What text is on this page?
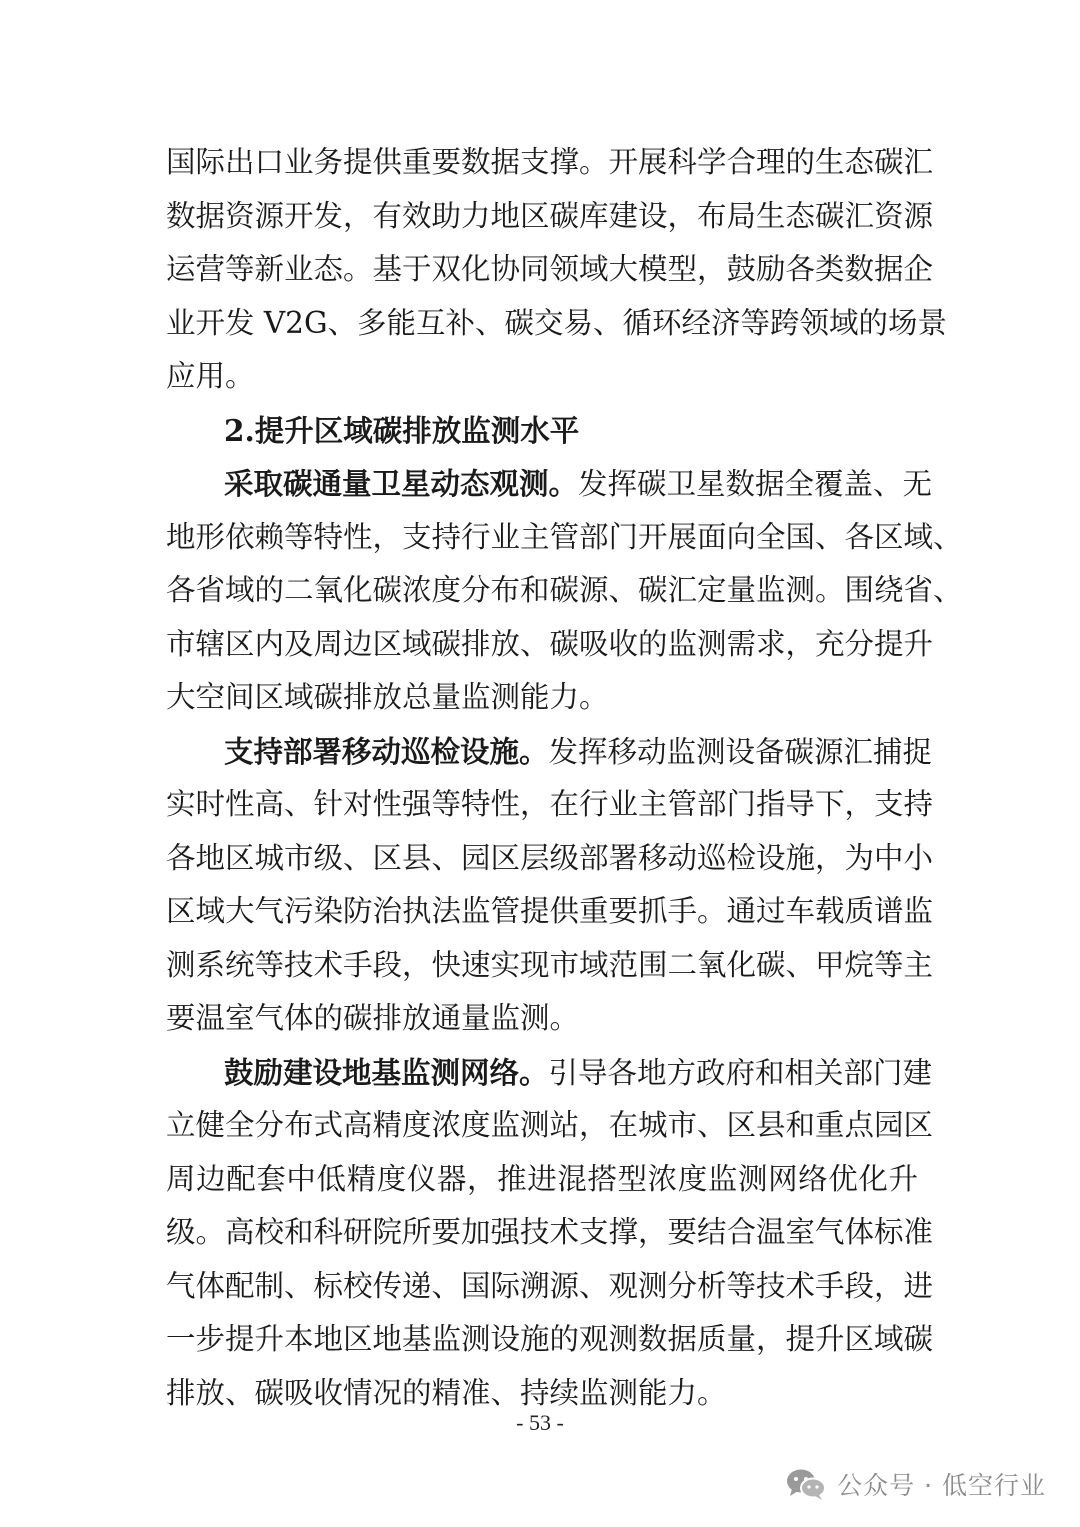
国际出口业务提供重要数据支撑。开展科学合理的生态碳汇
数据资源开发，有效助力地区碳库建设，布局生态碳汇资源
运营等新业态。基于双化协同领域大模型，鼓励各类数据企
业开发 V2G、多能互补、碳交易、循环经济等跨领域的场景
应用。
2.提升区域碳排放监测水平
采取碳通量卫星动态观测。发挥碳卫星数据全覆盖、无
地形依赖等特性，支持行业主管部门开展面向全国、各区域、
各省域的二氧化碳浓度分布和碳源、碳汇定量监测。围绕省、
市辖区内及周边区域碳排放、碳吸收的监测需求，充分提升
大空间区域碳排放总量监测能力。
支持部署移动巡检设施。发挥移动监测设备碳源汇捕捉
实时性高、针对性强等特性，在行业主管部门指导下，支持
各地区城市级、区县、园区层级部署移动巡检设施，为中小
区域大气污染防治执法监管提供重要抓手。通过车载质谱监
测系统等技术手段，快速实现市域范围二氧化碳、甲烷等主
要温室气体的碳排放通量监测。
鼓励建设地基监测网络。引导各地方政府和相关部门建
立健全分布式高精度浓度监测站，在城市、区县和重点园区
周边配套中低精度仪器，推进混搭型浓度监测网络优化升
级。高校和科研院所要加强技术支撑，要结合温室气体标准
气体配制、标校传递、国际溯源、观测分析等技术手段，进
一步提升本地区地基监测设施的观测数据质量，提升区域碳
排放、碳吸收情况的精准、持续监测能力。
- 53 -
公众号 · 低空行业
